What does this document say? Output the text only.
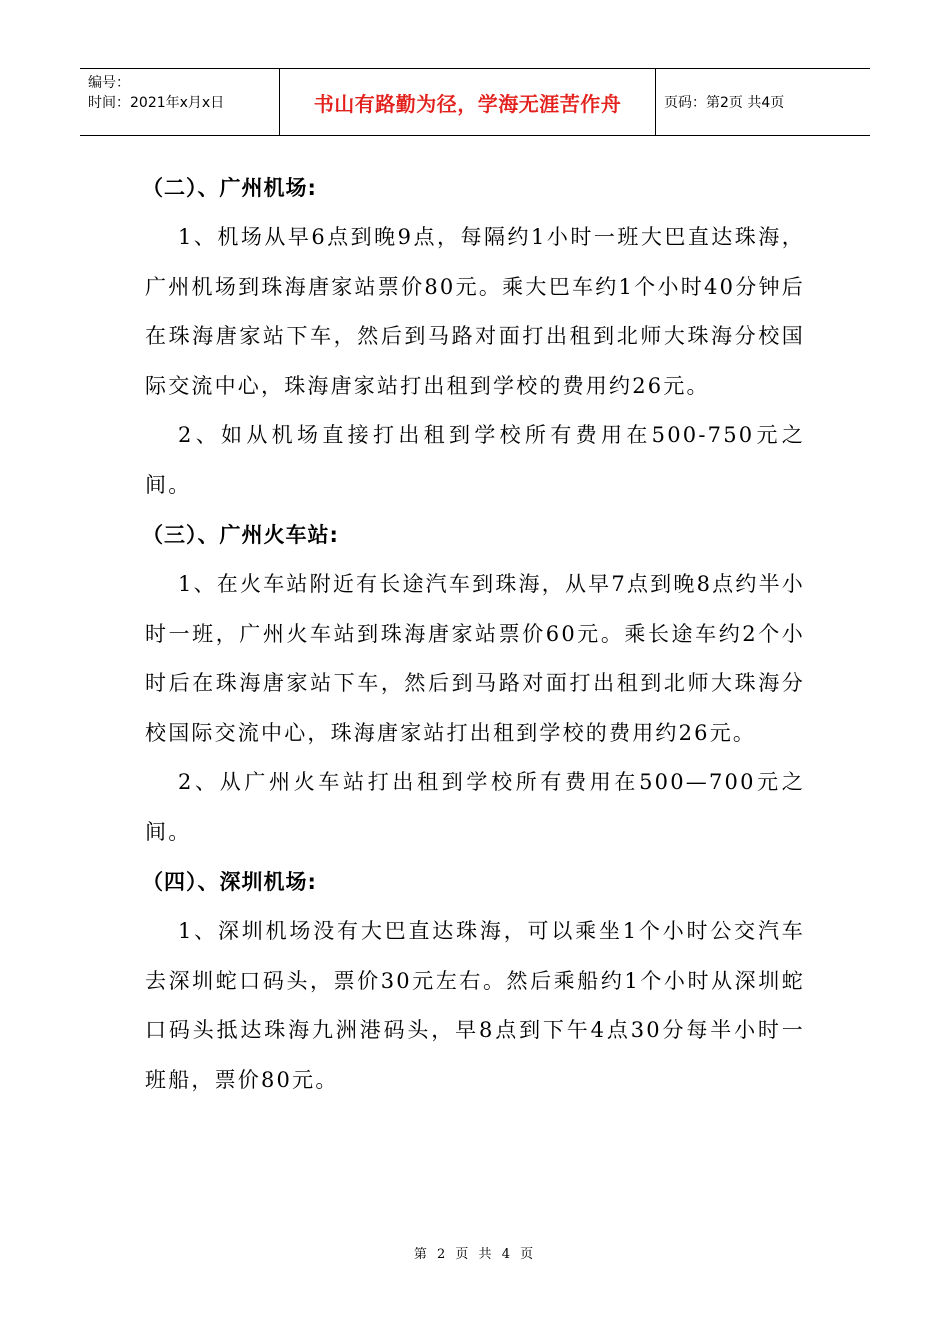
编号：
时间：2021年x月x日	书山有路勤为径，学海无涯苦作舟	页码：第2页 共4页
（二）、广州机场:

1、机场从早6点到晚9点，每隔约1小时一班大巴直达珠海，广州机场到珠海唐家站票价80元。乘大巴车约1个小时40分钟后在珠海唐家站下车，然后到马路对面打出租到北师大珠海分校国际交流中心，珠海唐家站打出租到学校的费用约26元。

2、如从机场直接打出租到学校所有费用在500-750元之间。

（三）、广州火车站:

1、在火车站附近有长途汽车到珠海，从早7点到晚8点约半小时一班，广州火车站到珠海唐家站票价60元。乘长途车约2个小时后在珠海唐家站下车，然后到马路对面打出租到北师大珠海分校国际交流中心，珠海唐家站打出租到学校的费用约26元。

2、从广州火车站打出租到学校所有费用在500—700元之间。

（四）、深圳机场:

1、深圳机场没有大巴直达珠海，可以乘坐1个小时公交汽车去深圳蛇口码头，票价30元左右。然后乘船约1个小时从深圳蛇口码头抵达珠海九洲港码头，早8点到下午4点30分每半小时一班船，票价80元。

第 2 页 共 4 页
